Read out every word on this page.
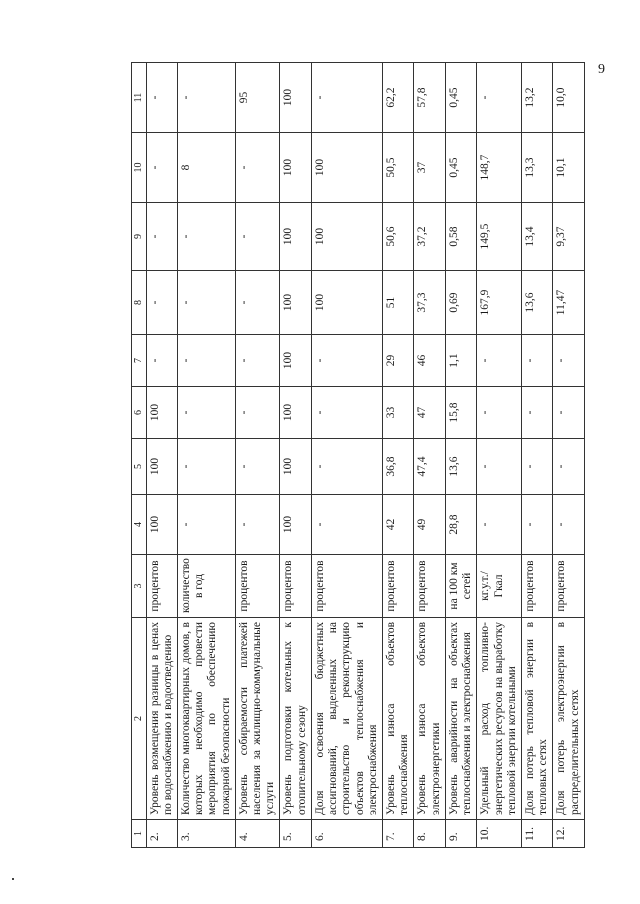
9
1	2	3	4	5	6	7	8	9	10	11
2.	Уровень возмещения разницы в ценах по водоснабжению и водоотведению	процентов	100	100	100	-	-	-	-	-
3.	Количество многоквартирных домов, в которых необходимо провести мероприятия по обеспечению пожарной безопасности	количество в год	-	-	-	-	-	-	8	-
4.	Уровень собираемости платежей населения за жилищно-коммунальные услуги	процентов	-	-	-	-	-	-	-	95
5.	Уровень подготовки котельных к отопительному сезону	процентов	100	100	100	100	100	100	100	100
6.	Доля освоения бюджетных ассигнований, выделенных на строительство и реконструкцию объектов теплоснабжения и электроснабжения	процентов	-	-	-	-	100	100	100	-
7.	Уровень износа объектов теплоснабжения	процентов	42	36,8	33	29	51	50,6	50,5	62,2
8.	Уровень износа объектов электроэнергетики	процентов	49	47,4	47	46	37,3	37,2	37	57,8
9.	Уровень аварийности на объектах теплоснабжения и электроснабжения	на 100 км сетей	28,8	13,6	15,8	1,1	0,69	0,58	0,45	0,45
10.	Удельный расход топливно-энергетических ресурсов на выработку тепловой энергии котельными	кг.у.т./ Гкал	-	-	-	-	167,9	149,5	148,7	-
11.	Доля потерь тепловой энергии в тепловых сетях	процентов	-	-	-	-	13,6	13,4	13,3	13,2
12.	Доля потерь электроэнергии в распределительных сетях	процентов	-	-	-	-	11,47	9,37	10,1	10,0
